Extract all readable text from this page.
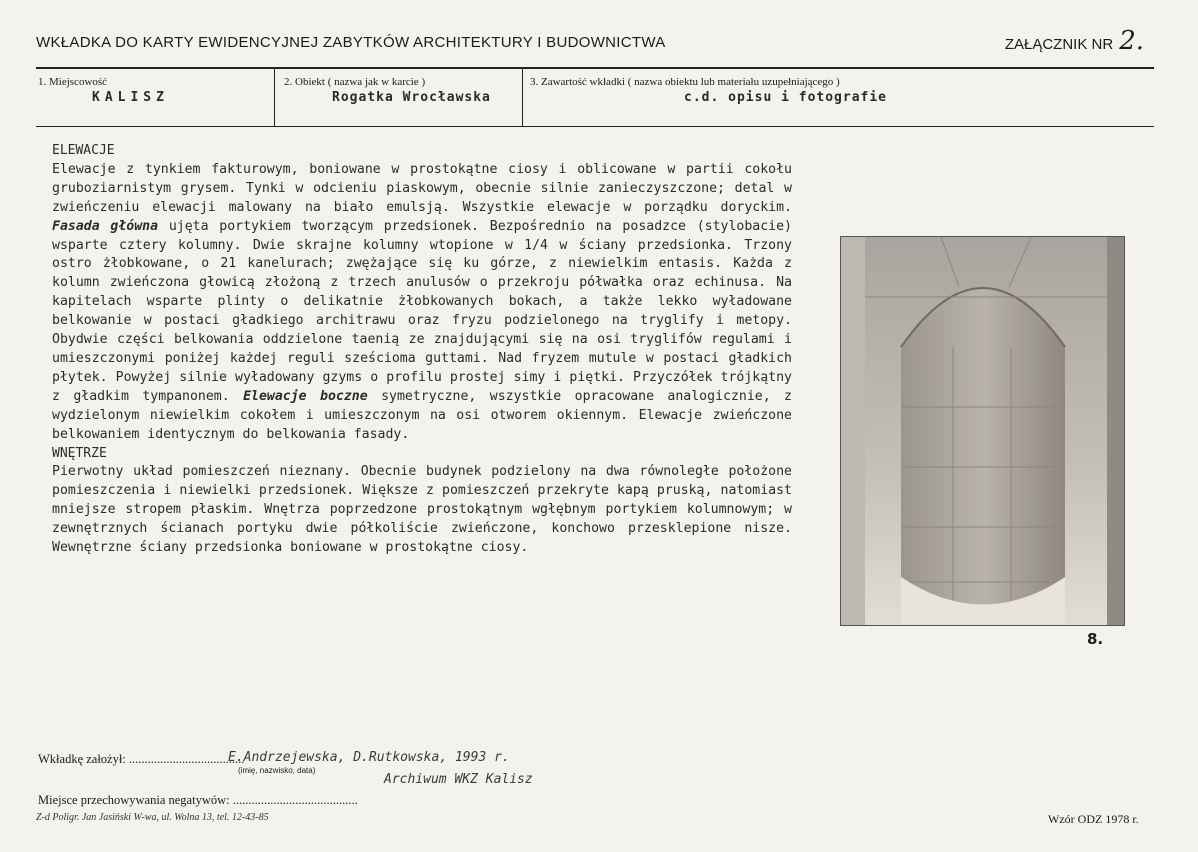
WKŁADKA DO KARTY EWIDENCYJNEJ ZABYTKÓW ARCHITEKTURY I BUDOWNICTWA	ZAŁĄCZNIK NR 2.
1. Miejscowość
KALISZ
2. Obiekt ( nazwa jak w karcie )
Rogatka Wrocławska
3. Zawartość wkładki ( nazwa obiektu lub materiału uzupełniającego )
c.d. opisu i fotografie
ELEWACJE

Elewacje z tynkiem fakturowym, boniowane w prostokątne ciosy i oblicowane w partii cokołu gruboziarnistym grysem. Tynki w odcieniu piaskowym, obecnie silnie zanieczyszczone; detal w zwieńczeniu elewacji malowany na biało emulsją. Wszystkie elewacje w porządku doryckim. Fasada główna ujęta portykiem tworzącym przedsionek. Bezpośrednio na posadzce (stylobacie) wsparte cztery kolumny. Dwie skrajne kolumny wtopione w 1/4 w ściany przedsionka. Trzony ostro żłobkowane, o 21 kanelurach; zwężające się ku górze, z niewielkim entasis. Każda z kolumn zwieńczona głowicą złożoną z trzech anulusów o przekroju półwałka oraz echinusa. Na kapitelach wsparte plinty o delikatnie żłobkowanych bokach, a także lekko wyładowane belkowanie w postaci gładkiego architrawu oraz fryzu podzielonego na tryglify i metopy. Obydwie części belkowania oddzielone taenią ze znajdującymi się na osi tryglifów regulami i umieszczonymi poniżej każdej reguli sześcioma guttami. Nad fryzem mutule w postaci gładkich płytek. Powyżej silnie wyładowany gzyms o profilu prostej simy i piętki. Przyczółek trójkątny z gładkim tympanonem. Elewacje boczne symetryczne, wszystkie opracowane analogicznie, z wydzielonym niewielkim cokołem i umieszczonym na osi otworem okiennym. Elewacje zwieńczone belkowaniem identycznym do belkowania fasady.

WNĘTRZE

Pierwotny układ pomieszczeń nieznany. Obecnie budynek podzielony na dwa równoległe położone pomieszczenia i niewielki przedsionek. Większe z pomieszczeń przekryte kapą pruską, natomiast mniejsze stropem płaskim. Wnętrza poprzedzone prostokątnym wgłębnym portykiem kolumnowym; w zewnętrznych ścianach portyku dwie półkoliście zwieńczone, konchowo przesklepione nisze. Wewnętrzne ściany przedsionka boniowane w prostokątne ciosy.

8.
Wkładkę założył: .....................................
E.Andrzejewska, D.Rutkowska, 1993 r.
(imię, nazwisko, data)
Archiwum WKZ Kalisz
Miejsce przechowywania negatywów: ........................................
Z-d Poligr. Jan Jasiński W-wa, ul. Wolna 13, tel. 12-43-85	Wzór ODZ 1978 r.
